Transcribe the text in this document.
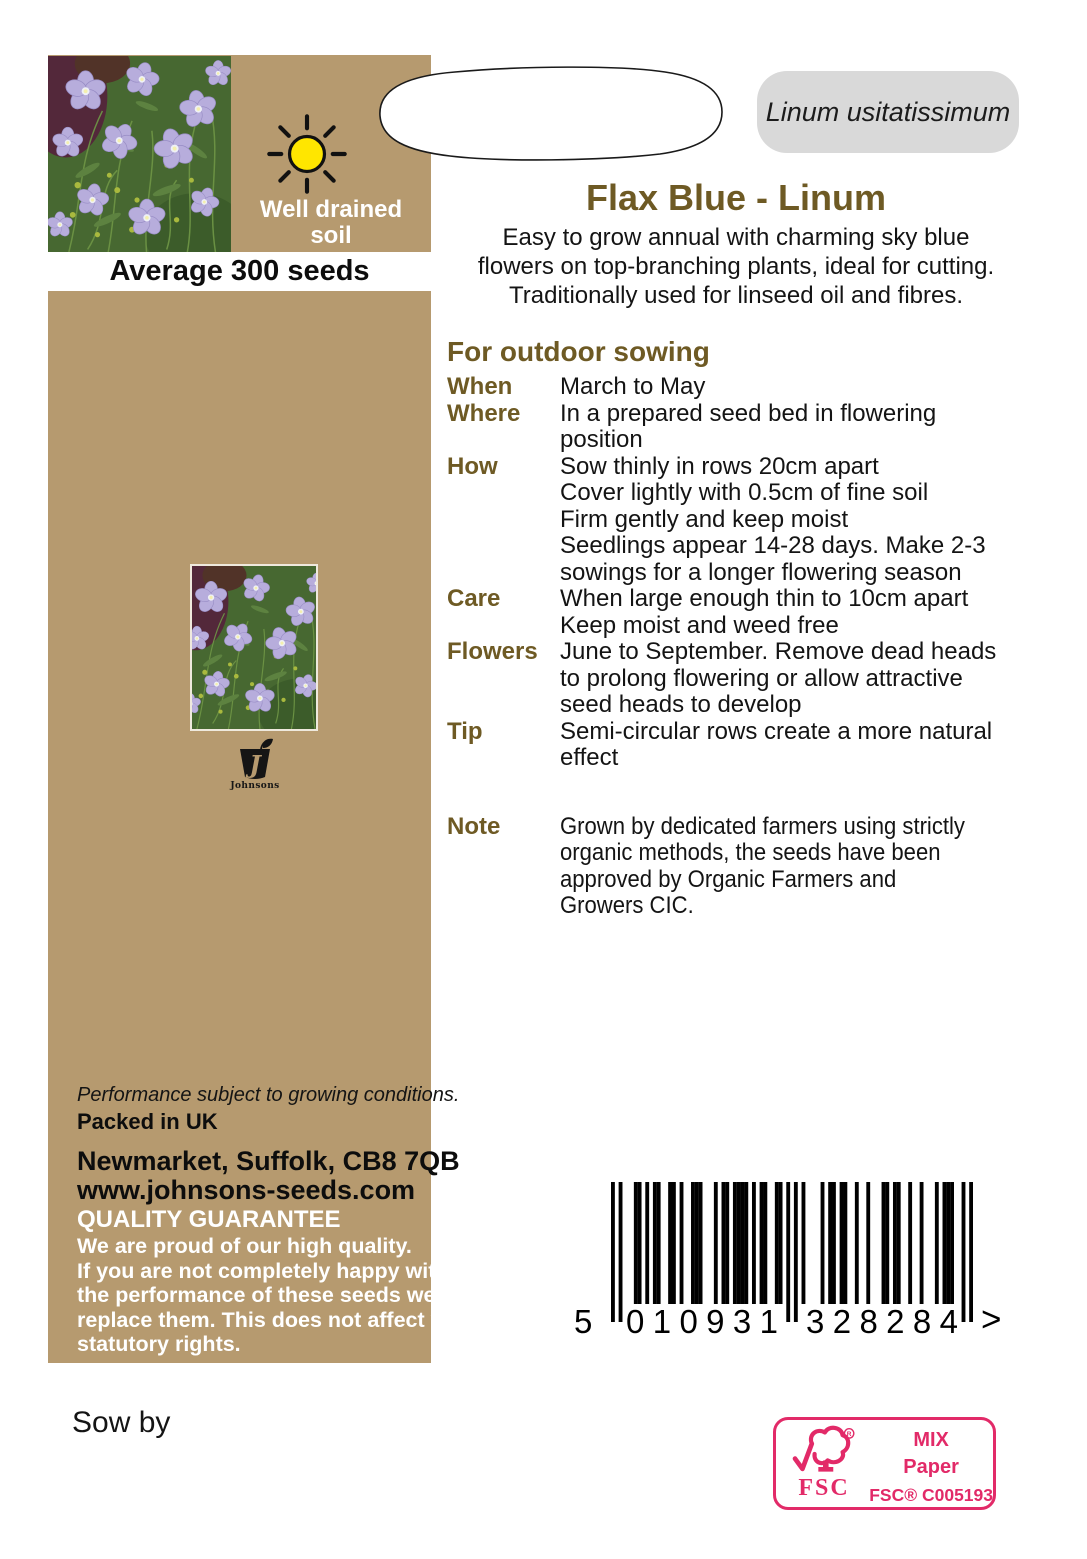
Well drained
soil
Average 300 seeds
Linum usitatissimum
Flax Blue - Linum
Easy to grow annual with charming sky blue
flowers on top-branching plants, ideal for cutting.
Traditionally used for linseed oil and fibres.
For outdoor sowing
When	March to May
Where	In a prepared seed bed in flowering position
How	Sow thinly in rows 20cm apart
Cover lightly with 0.5cm of fine soil
Firm gently and keep moist
Seedlings appear 14-28 days. Make 2-3 sowings for a longer flowering season
Care	When large enough thin to 10cm apart
Keep moist and weed free
Flowers June to September. Remove dead heads to prolong flowering or allow attractive seed heads to develop
Tip	Semi-circular rows create a more natural effect
Note	Grown by dedicated farmers using strictly organic methods, the seeds have been approved by Organic Farmers and Growers CIC.
J
Johnsons
Performance subject to growing conditions.
Packed in UK
Newmarket, Suffolk, CB8 7QB
www.johnsons-seeds.com
QUALITY GUARANTEE
We are proud of our high quality.
If you are not completely happy with
the performance of these seeds we will
replace them. This does not affect your
statutory rights.
5 0 1 0 9 3 1 3 2 8 2 8 4 >
Sow by	R
FSC
MIX
Paper
FSC® C005193
